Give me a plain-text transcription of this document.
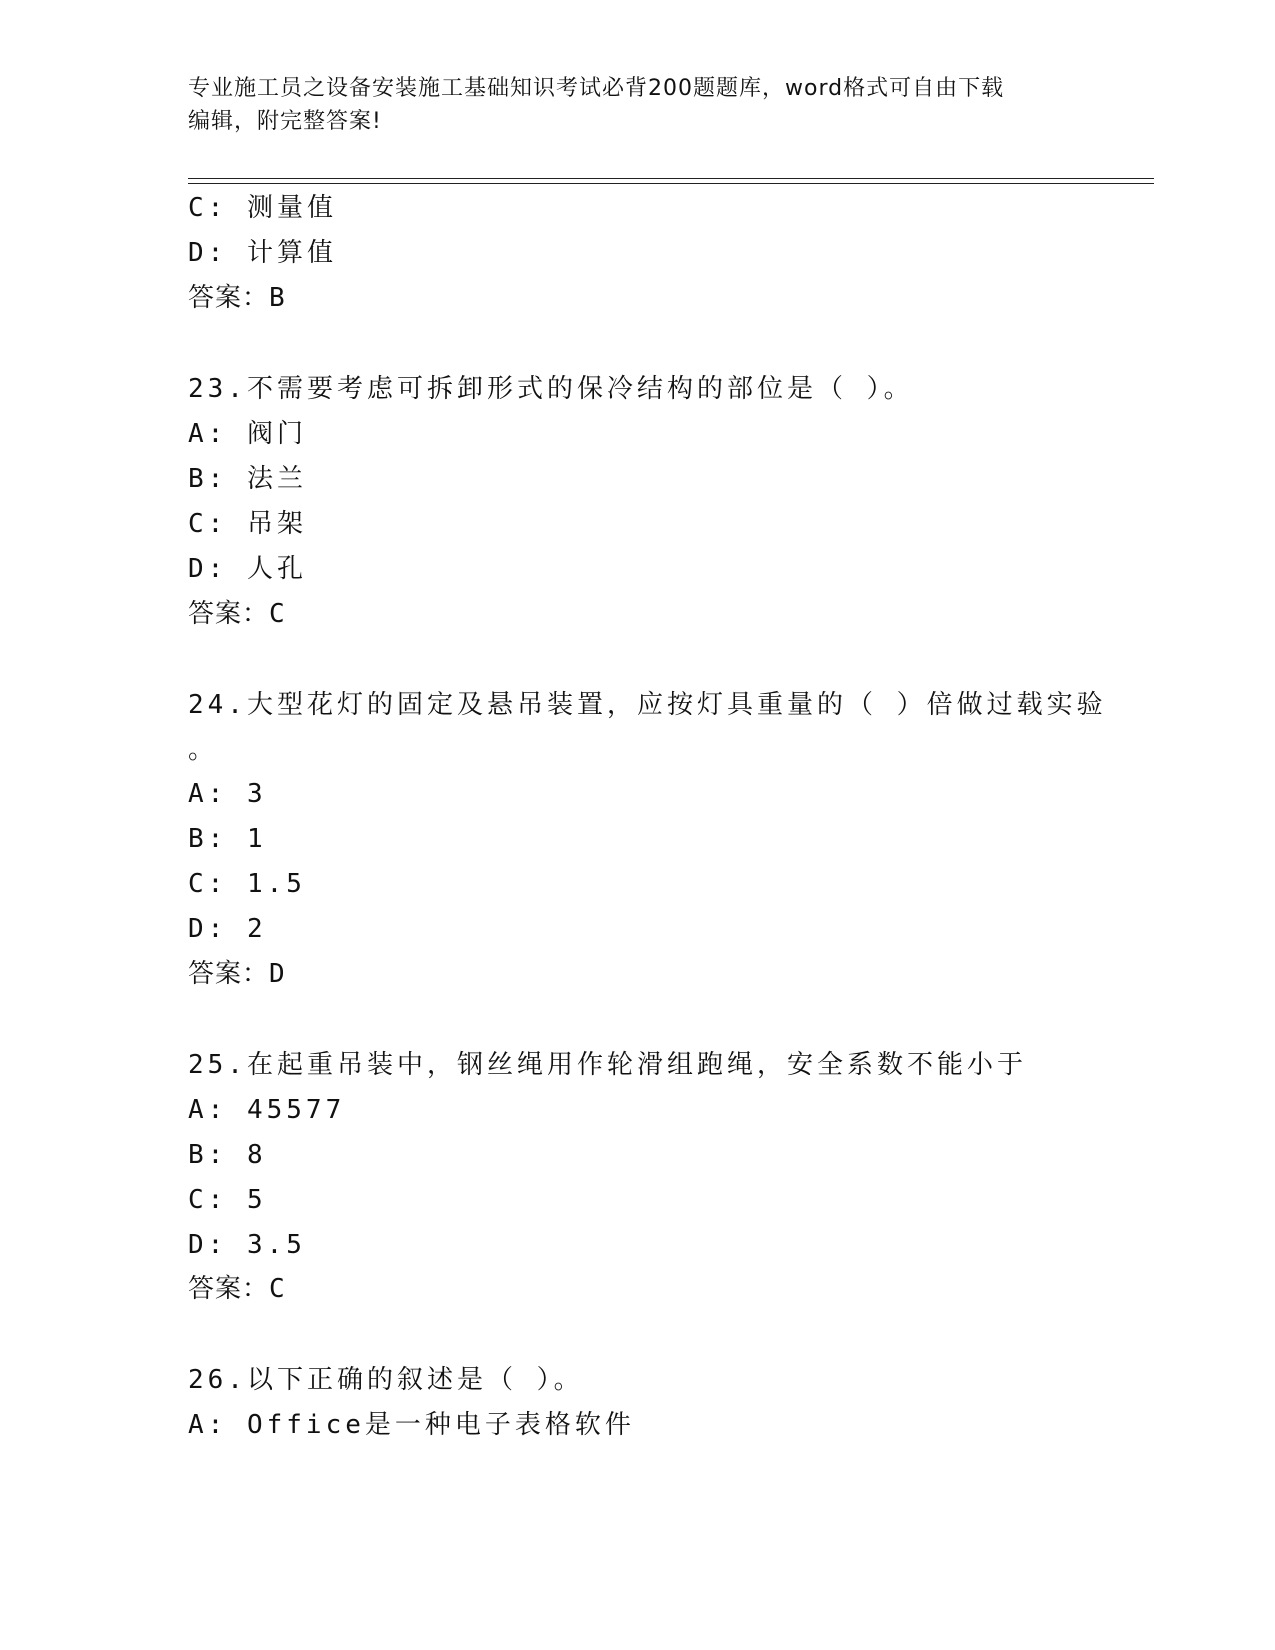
专业施工员之设备安装施工基础知识考试必背200题题库，word格式可自由下载
编辑，附完整答案!
C: 测量值
D: 计算值
答案：B
23.不需要考虑可拆卸形式的保冷结构的部位是（ ）。
A: 阀门
B: 法兰
C: 吊架
D: 人孔
答案：C
24.大型花灯的固定及悬吊装置，应按灯具重量的（ ）倍做过载实验
。
A: 3
B: 1
C: 1.5
D: 2
答案：D
25.在起重吊装中，钢丝绳用作轮滑组跑绳，安全系数不能小于
A: 45577
B: 8
C: 5
D: 3.5
答案：C
26.以下正确的叙述是（ ）。
A: Office是一种电子表格软件
